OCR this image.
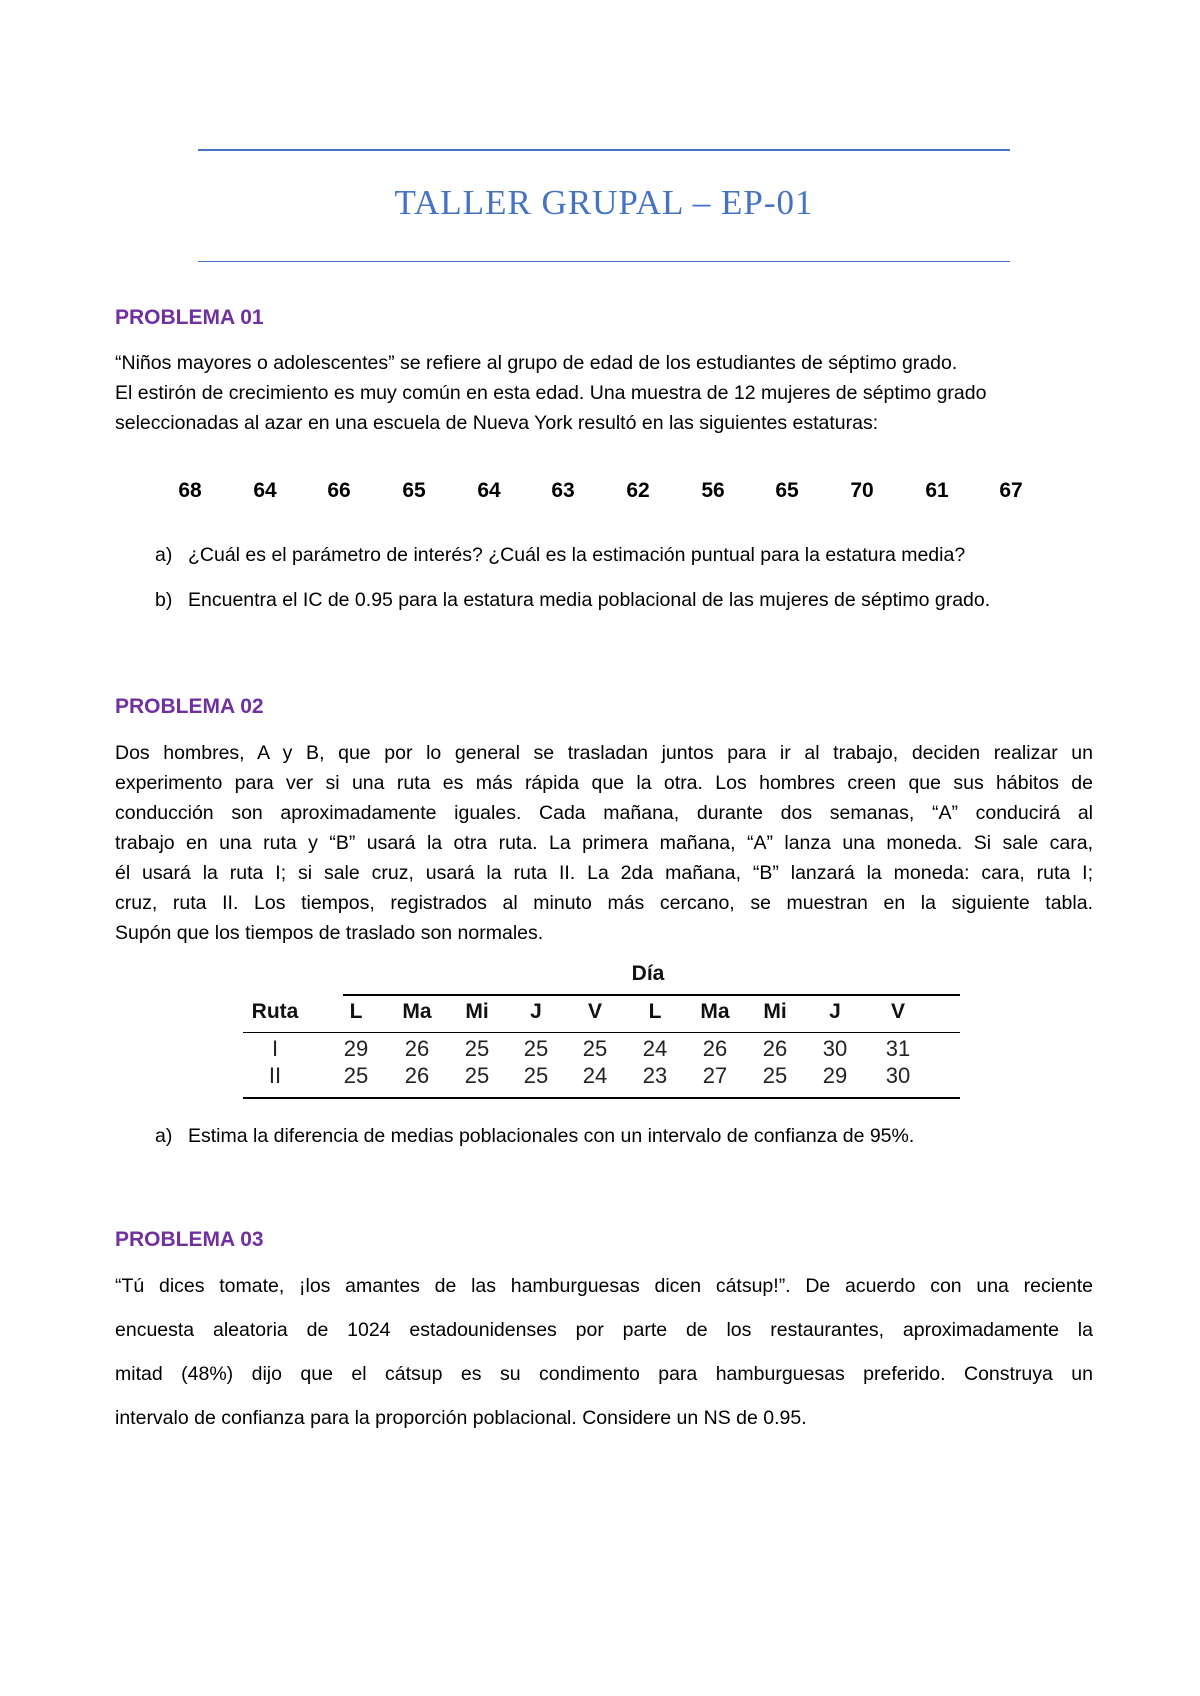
TALLER GRUPAL – EP-01
PROBLEMA 01
“Niños mayores o adolescentes” se refiere al grupo de edad de los estudiantes de séptimo grado.
El estirón de crecimiento es muy común en esta edad. Una muestra de 12 mujeres de séptimo grado
seleccionadas al azar en una escuela de Nueva York resultó en las siguientes estaturas:
68	64	66	65	64	63	62	56	65	70	61	67
a) ¿Cuál es el parámetro de interés? ¿Cuál es la estimación puntual para la estatura media?
b) Encuentra el IC de 0.95 para la estatura media poblacional de las mujeres de séptimo grado.
PROBLEMA 02
Dos hombres, A y B, que por lo general se trasladan juntos para ir al trabajo, deciden realizar un
experimento para ver si una ruta es más rápida que la otra. Los hombres creen que sus hábitos de
conducción son aproximadamente iguales. Cada mañana, durante dos semanas, “A” conducirá al
trabajo en una ruta y “B” usará la otra ruta. La primera mañana, “A” lanza una moneda. Si sale cara,
él usará la ruta I; si sale cruz, usará la ruta II. La 2da mañana, “B” lanzará la moneda: cara, ruta I;
cruz, ruta II. Los tiempos, registrados al minuto más cercano, se muestran en la siguiente tabla.
Supón que los tiempos de traslado son normales.
Día
Ruta	L	Ma	Mi	J	V	L	Ma	Mi	J	V
I	29	26	25	25	25	24	26	26	30	31
II	25	26	25	25	24	23	27	25	29	30
a) Estima la diferencia de medias poblacionales con un intervalo de confianza de 95%.
PROBLEMA 03
“Tú dices tomate, ¡los amantes de las hamburguesas dicen cátsup!”. De acuerdo con una reciente
encuesta aleatoria de 1024 estadounidenses por parte de los restaurantes, aproximadamente la
mitad (48%) dijo que el cátsup es su condimento para hamburguesas preferido. Construya un
intervalo de confianza para la proporción poblacional. Considere un NS de 0.95.
